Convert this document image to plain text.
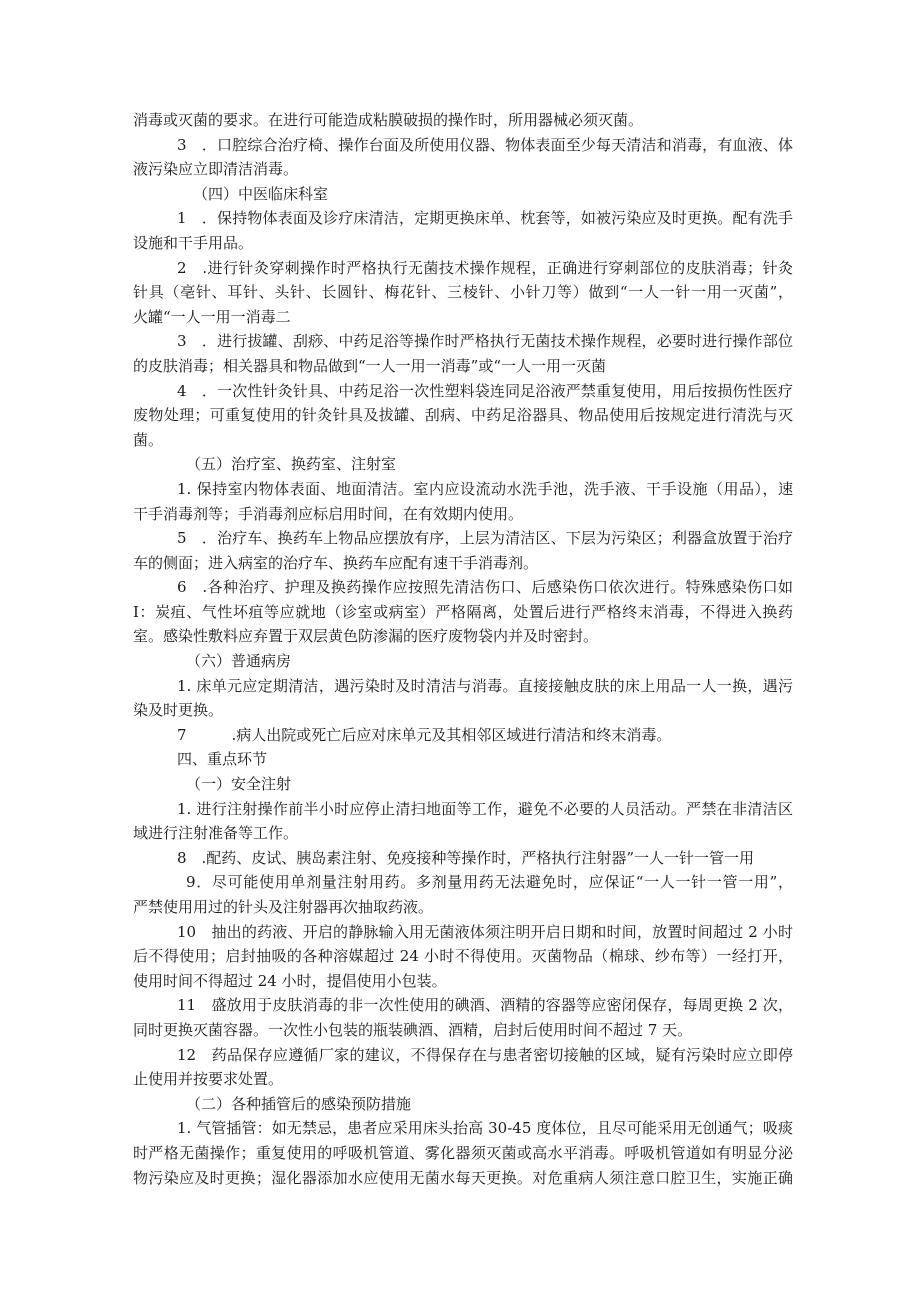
消毒或灭菌的要求。在进行可能造成粘膜破损的操作时，所用器械必须灭菌。
3　．口腔综合治疗椅、操作台面及所使用仪器、物体表面至少每天清洁和消毒，有血液、体
液污染应立即清洁消毒。
（四）中医临床科室
1　．保持物体表面及诊疗床清洁，定期更换床单、枕套等，如被污染应及时更换。配有洗手
设施和干手用品。
2　.进行针灸穿刺操作时严格执行无菌技术操作规程，正确进行穿刺部位的皮肤消毒；针灸
针具（亳针、耳针、头针、长圆针、梅花针、三棱针、小针刀等）做到“一人一针一用一灭菌”，
火罐“一人一用一消毒二
3　．进行拔罐、刮痧、中药足浴等操作时严格执行无菌技术操作规程，必要时进行操作部位
的皮肤消毒；相关器具和物品做到“一人一用一消毒”或“一人一用一灭菌
4　．一次性针灸针具、中药足浴一次性塑料袋连同足浴液严禁重复使用，用后按损伤性医疗
废物处理；可重复使用的针灸针具及拔罐、刮病、中药足浴器具、物品使用后按规定进行清洗与灭
菌。
（五）治疗室、换药室、注射室
1. 保持室内物体表面、地面清洁。室内应设流动水洗手池，洗手液、干手设施（用品），速
干手消毒剂等；手消毒剂应标启用时间，在有效期内使用。
5　．治疗车、换药车上物品应摆放有序，上层为清洁区、下层为污染区；利器盒放置于治疗
车的侧面；进入病室的治疗车、换药车应配有速干手消毒剂。
6　.各种治疗、护理及换药操作应按照先清洁伤口、后感染伤口依次进行。特殊感染伤口如
I：炭疽、气性坏疽等应就地（诊室或病室）严格隔离，处置后进行严格终末消毒，不得进入换药
室。感染性敷料应弃置于双层黄色防渗漏的医疗废物袋内并及时密封。
（六）普通病房
1. 床单元应定期清洁，遇污染时及时清洁与消毒。直接接触皮肤的床上用品一人一换，遇污
染及时更换。
7　　　.病人出院或死亡后应对床单元及其相邻区域进行清洁和终末消毒。
四、重点环节
（一）安全注射
1. 进行注射操作前半小时应停止清扫地面等工作，避免不必要的人员活动。严禁在非清洁区
域进行注射准备等工作。
8　.配药、皮试、胰岛素注射、免疫接种等操作时，严格执行注射器”一人一针一管一用
9．尽可能使用单剂量注射用药。多剂量用药无法避免时，应保证“一人一针一管一用”，
严禁使用用过的针头及注射器再次抽取药液。
10　抽出的药液、开启的静脉输入用无菌液体须注明开启日期和时间，放置时间超过 2 小时
后不得使用；启封抽吸的各种溶媒超过 24 小时不得使用。灭菌物品（棉球、纱布等）一经打开，
使用时间不得超过 24 小时，提倡使用小包装。
11　盛放用于皮肤消毒的非一次性使用的碘酒、酒精的容器等应密闭保存，每周更换 2 次，
同时更换灭菌容器。一次性小包装的瓶装碘酒、酒精，启封后使用时间不超过 7 天。
12　药品保存应遵循厂家的建议，不得保存在与患者密切接触的区域，疑有污染时应立即停
止使用并按要求处置。
（二）各种插管后的感染预防措施
1. 气管插管：如无禁忌，患者应采用床头抬高 30-45 度体位，且尽可能采用无创通气；吸痰
时严格无菌操作；重复使用的呼吸机管道、雾化器须灭菌或高水平消毒。呼吸机管道如有明显分泌
物污染应及时更换；湿化器添加水应使用无菌水每天更换。对危重病人须注意口腔卫生，实施正确
